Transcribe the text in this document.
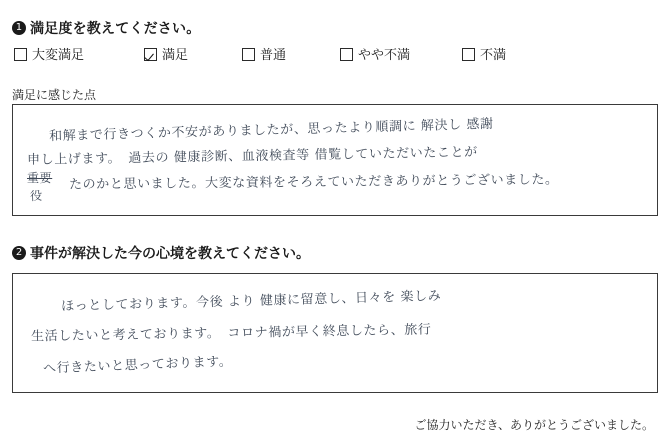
1 満足度を教えてください。
大変満足	満足	普通	やや不満	不満
満足に感じた点
和解まで行きつくか不安がありましたが、思ったより順調に 解決し 感謝
申し上げます。　過去の 健康診断、血液検査等 借覧していただいたことが
重要 たのかと思いました。大変な資料をそろえていただきありがとうございました。
役
2 事件が解決した今の心境を教えてください。
ほっとしております。今後 より 健康に留意し、日々を 楽しみ
生活したいと考えております。　コロナ禍が早く終息したら、旅行
へ行きたいと思っております。
ご協力いただき、ありがとうございました。
